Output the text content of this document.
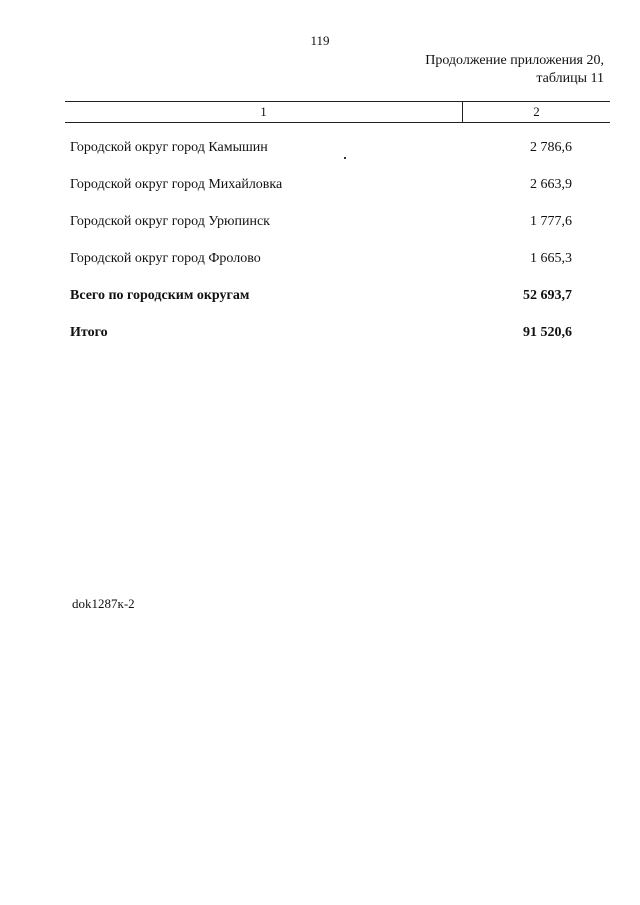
119
Продолжение приложения 20,
таблицы 11
1	2
Городской округ город Камышин	2 786,6
Городской округ город Михайловка	2 663,9
Городской округ город Урюпинск	1 777,6
Городской округ город Фролово	1 665,3
Всего по городским округам	52 693,7
Итого	91 520,6
dok1287к-2
